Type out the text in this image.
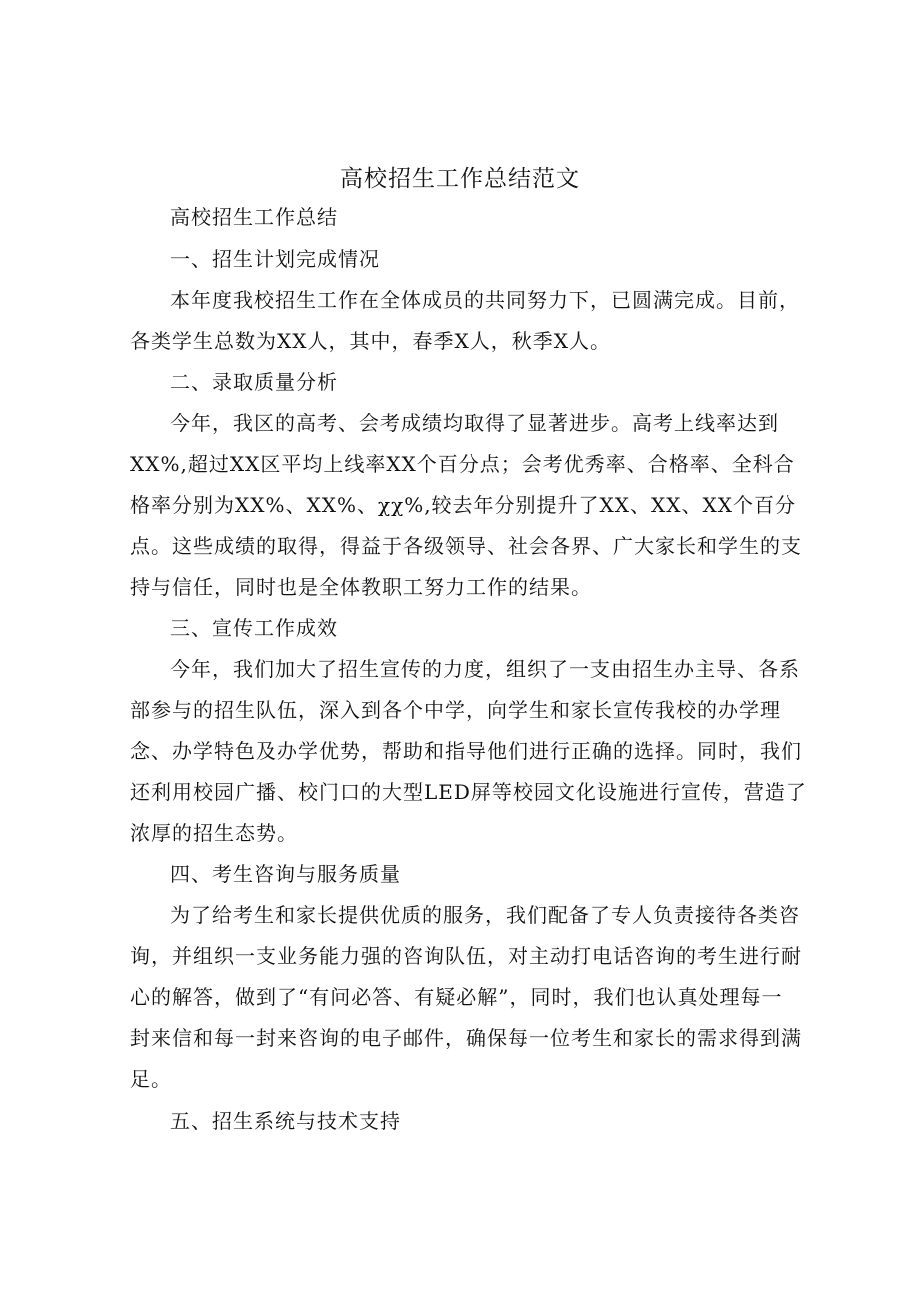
高校招生工作总结范文
高校招生工作总结
一、招生计划完成情况
本年度我校招生工作在全体成员的共同努力下，已圆满完成。目前，
各类学生总数为XX人，其中，春季X人，秋季X人。
二、录取质量分析
今年，我区的高考、会考成绩均取得了显著进步。高考上线率达到
XX%,超过XX区平均上线率XX个百分点；会考优秀率、合格率、全科合
格率分别为XX%、XX%、χχ%,较去年分别提升了XX、XX、XX个百分
点。这些成绩的取得，得益于各级领导、社会各界、广大家长和学生的支
持与信任，同时也是全体教职工努力工作的结果。
三、宣传工作成效
今年，我们加大了招生宣传的力度，组织了一支由招生办主导、各系
部参与的招生队伍，深入到各个中学，向学生和家长宣传我校的办学理
念、办学特色及办学优势，帮助和指导他们进行正确的选择。同时，我们
还利用校园广播、校门口的大型LED屏等校园文化设施进行宣传，营造了
浓厚的招生态势。
四、考生咨询与服务质量
为了给考生和家长提供优质的服务，我们配备了专人负责接待各类咨
询，并组织一支业务能力强的咨询队伍，对主动打电话咨询的考生进行耐
心的解答，做到了“有问必答、有疑必解”，同时，我们也认真处理每一
封来信和每一封来咨询的电子邮件，确保每一位考生和家长的需求得到满
足。
五、招生系统与技术支持
